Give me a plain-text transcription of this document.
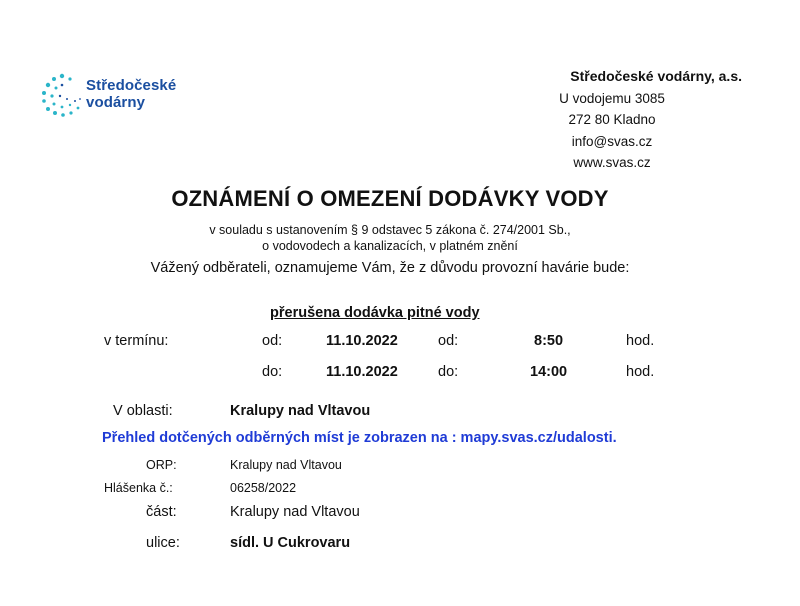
Středočeské
vodárny
Středočeské vodárny, a.s.
U vodojemu 3085
272 80 Kladno
info@svas.cz
www.svas.cz
OZNÁMENÍ O OMEZENÍ DODÁVKY VODY
v souladu s ustanovením § 9 odstavec 5 zákona č. 274/2001 Sb.,
o vodovodech a kanalizacích, v platném znění
Vážený odběrateli, oznamujeme Vám, že z důvodu provozní havárie bude:
přerušena dodávka pitné vody
v termínu:	od:	11.10.2022	od:	8:50	hod.
do:	11.10.2022	do:	14:00	hod.
V oblasti:	Kralupy nad Vltavou
Přehled dotčených odběrných míst je zobrazen na : mapy.svas.cz/udalosti.
ORP:	Kralupy nad Vltavou
Hlášenka č.:	06258/2022
část:	Kralupy nad Vltavou
ulice:	sídl. U Cukrovaru
